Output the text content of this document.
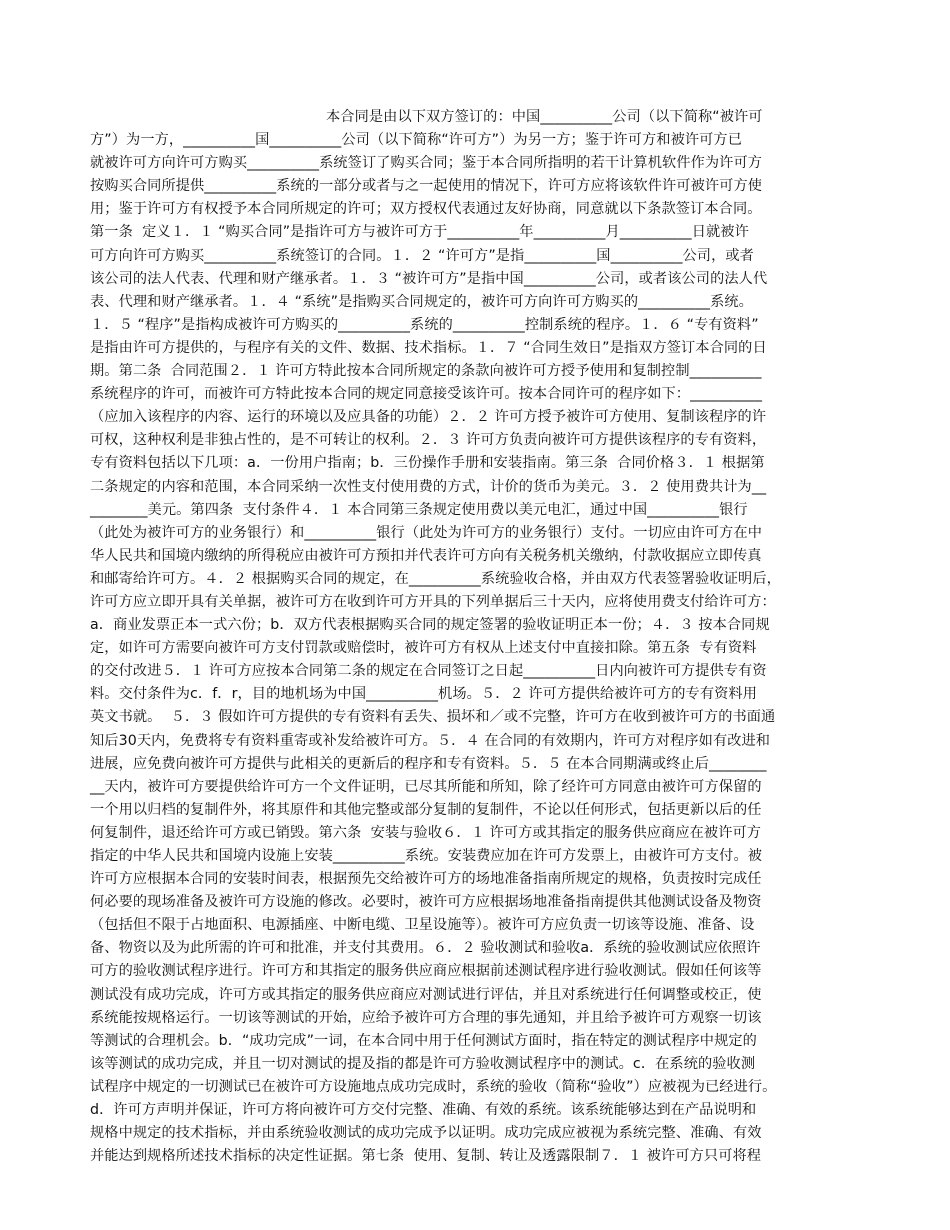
本合同是由以下双方签订的：中国__________公司（以下简称“被许可
方”）为一方，__________国__________公司（以下简称“许可方”）为另一方；鉴于许可方和被许可方已
就被许可方向许可方购买__________系统签订了购买合同；鉴于本合同所指明的若干计算机软件作为许可方
按购买合同所提供__________系统的一部分或者与之一起使用的情况下，许可方应将该软件许可被许可方使
用；鉴于许可方有权授予本合同所规定的许可；双方授权代表通过友好协商，同意就以下条款签订本合同。
第一条  定义１．１ “购买合同”是指许可方与被许可方于__________年__________月__________日就被许
可方向许可方购买__________系统签订的合同。１．２ “许可方”是指__________国__________公司，或者
该公司的法人代表、代理和财产继承者。１．３ “被许可方”是指中国__________公司，或者该公司的法人代
表、代理和财产继承者。１．４ “系统”是指购买合同规定的，被许可方向许可方购买的__________系统。
１．５ “程序”是指构成被许可方购买的__________系统的__________控制系统的程序。１．６ “专有资料”
是指由许可方提供的，与程序有关的文件、数据、技术指标。１．７ “合同生效日”是指双方签订本合同的日
期。第二条  合同范围２．１ 许可方特此按本合同所规定的条款向被许可方授予使用和复制控制__________
系统程序的许可，而被许可方特此按本合同的规定同意接受该许可。按本合同许可的程序如下：__________
（应加入该程序的内容、运行的环境以及应具备的功能）２．２ 许可方授予被许可方使用、复制该程序的许
可权，这种权利是非独占性的，是不可转让的权利。２．３ 许可方负责向被许可方提供该程序的专有资料，
专有资料包括以下几项：a．一份用户指南；b．三份操作手册和安装指南。第三条  合同价格３．１ 根据第
二条规定的内容和范围，本合同采纳一次性支付使用费的方式，计价的货币为美元。３．２ 使用费共计为__
________美元。第四条  支付条件４．１ 本合同第三条规定使用费以美元电汇，通过中国__________银行
（此处为被许可方的业务银行）和__________银行（此处为许可方的业务银行）支付。一切应由许可方在中
华人民共和国境内缴纳的所得税应由被许可方预扣并代表许可方向有关税务机关缴纳，付款收据应立即传真
和邮寄给许可方。４．２ 根据购买合同的规定，在__________系统验收合格，并由双方代表签署验收证明后，
许可方应立即开具有关单据，被许可方在收到许可方开具的下列单据后三十天内，应将使用费支付给许可方：
a．商业发票正本一式六份；b．双方代表根据购买合同的规定签署的验收证明正本一份；４．３ 按本合同规
定，如许可方需要向被许可方支付罚款或赔偿时，被许可方有权从上述支付中直接扣除。第五条  专有资料
的交付改进５．１ 许可方应按本合同第二条的规定在合同签订之日起__________日内向被许可方提供专有资
料。交付条件为c．f．r，目的地机场为中国__________机场。５．２ 许可方提供给被许可方的专有资料用
英文书就。  ５．３ 假如许可方提供的专有资料有丢失、损坏和／或不完整，许可方在收到被许可方的书面通
知后30天内，免费将专有资料重寄或补发给被许可方。５．４ 在合同的有效期内，许可方对程序如有改进和
进展，应免费向被许可方提供与此相关的更新后的程序和专有资料。５．５ 在本合同期满或终止后________
__天内，被许可方要提供给许可方一个文件证明，已尽其所能和所知，除了经许可方同意由被许可方保留的
一个用以归档的复制件外，将其原件和其他完整或部分复制的复制件，不论以任何形式，包括更新以后的任
何复制件，退还给许可方或已销毁。第六条  安装与验收６．１ 许可方或其指定的服务供应商应在被许可方
指定的中华人民共和国境内设施上安装__________系统。安装费应加在许可方发票上，由被许可方支付。被
许可方应根据本合同的安装时间表，根据预先交给被许可方的场地准备指南所规定的规格，负责按时完成任
何必要的现场准备及被许可方设施的修改。必要时，被许可方应根据场地准备指南提供其他测试设备及物资
（包括但不限于占地面积、电源插座、中断电缆、卫星设施等）。被许可方应负责一切该等设施、准备、设
备、物资以及为此所需的许可和批准，并支付其费用。６．２ 验收测试和验收a．系统的验收测试应依照许
可方的验收测试程序进行。许可方和其指定的服务供应商应根据前述测试程序进行验收测试。假如任何该等
测试没有成功完成，许可方或其指定的服务供应商应对测试进行评估，并且对系统进行任何调整或校正，使
系统能按规格运行。一切该等测试的开始，应给予被许可方合理的事先通知，并且给予被许可方观察一切该
等测试的合理机会。b．“成功完成”一词，在本合同中用于任何测试方面时，指在特定的测试程序中规定的
该等测试的成功完成，并且一切对测试的提及指的都是许可方验收测试程序中的测试。c．在系统的验收测
试程序中规定的一切测试已在被许可方设施地点成功完成时，系统的验收（简称“验收”）应被视为已经进行。
d．许可方声明并保证，许可方将向被许可方交付完整、准确、有效的系统。该系统能够达到在产品说明和
规格中规定的技术指标，并由系统验收测试的成功完成予以证明。成功完成应被视为系统完整、准确、有效
并能达到规格所述技术指标的决定性证据。第七条  使用、复制、转让及透露限制７．１ 被许可方只可将程
